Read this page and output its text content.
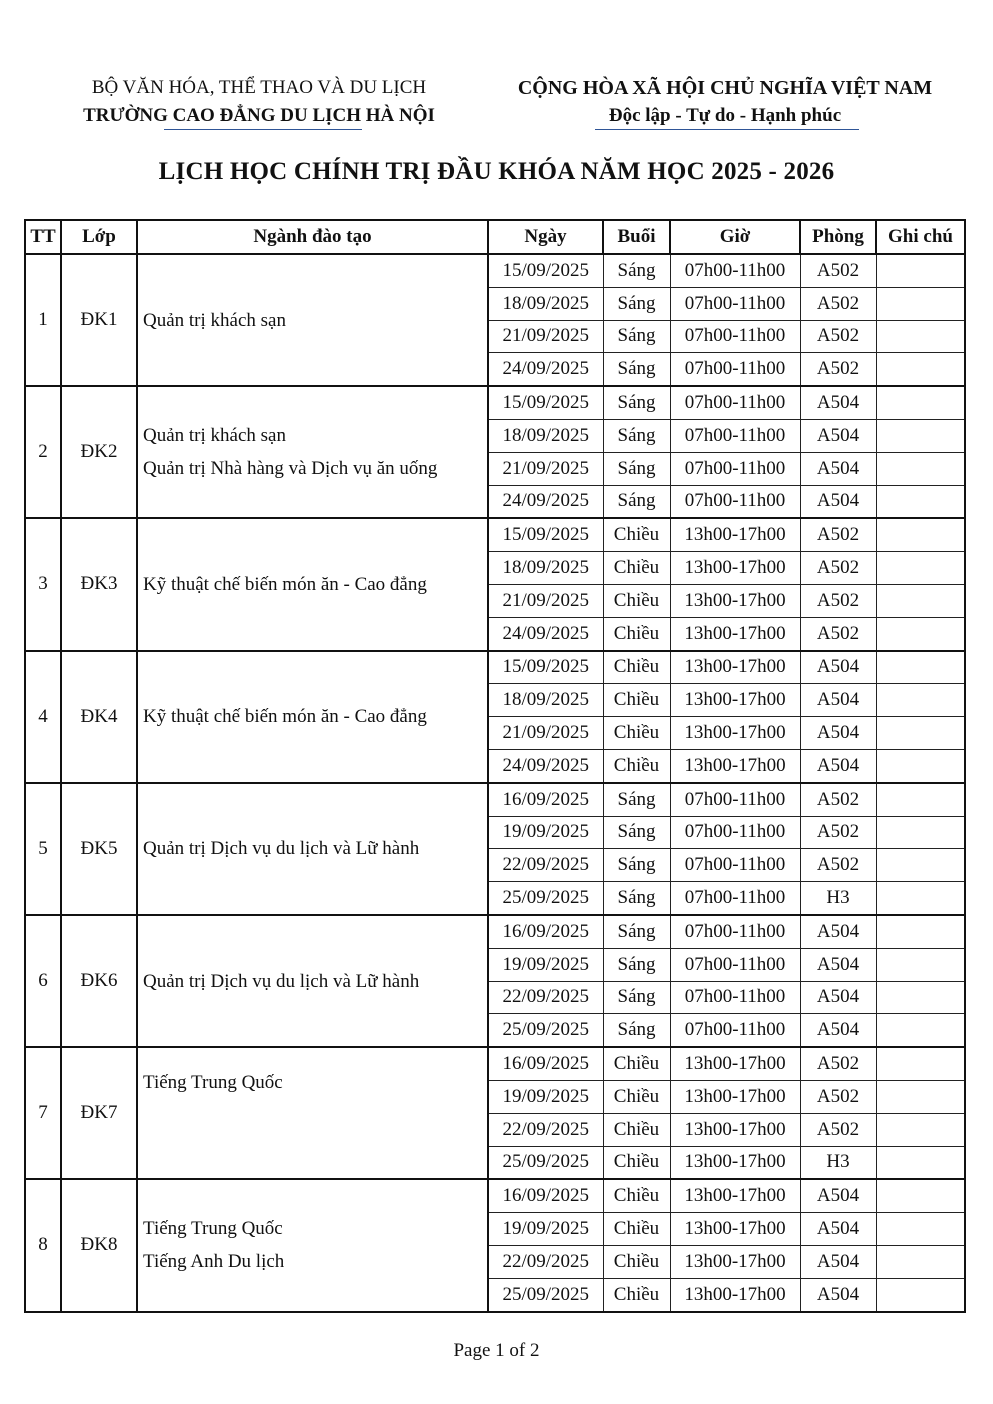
BỘ VĂN HÓA, THỂ THAO VÀ DU LỊCH
TRƯỜNG CAO ĐẲNG DU LỊCH HÀ NỘI
CỘNG HÒA XÃ HỘI CHỦ NGHĨA VIỆT NAM
Độc lập - Tự do - Hạnh phúc
LỊCH HỌC CHÍNH TRỊ ĐẦU KHÓA NĂM HỌC 2025 - 2026
TT	Lớp	Ngành đào tạo	Ngày	Buổi	Giờ	Phòng	Ghi chú
1	ĐK1	Quản trị khách sạn	15/09/2025	Sáng	07h00-11h00	A502	
			18/09/2025	Sáng	07h00-11h00	A502	
			21/09/2025	Sáng	07h00-11h00	A502	
			24/09/2025	Sáng	07h00-11h00	A502	
2	ĐK2	Quản trị khách sạn
Quản trị Nhà hàng và Dịch vụ ăn uống	15/09/2025	Sáng	07h00-11h00	A504	
			18/09/2025	Sáng	07h00-11h00	A504	
			21/09/2025	Sáng	07h00-11h00	A504	
			24/09/2025	Sáng	07h00-11h00	A504	
3	ĐK3	Kỹ thuật chế biến món ăn - Cao đẳng	15/09/2025	Chiều	13h00-17h00	A502	
			18/09/2025	Chiều	13h00-17h00	A502	
			21/09/2025	Chiều	13h00-17h00	A502	
			24/09/2025	Chiều	13h00-17h00	A502	
4	ĐK4	Kỹ thuật chế biến món ăn - Cao đẳng	15/09/2025	Chiều	13h00-17h00	A504	
			18/09/2025	Chiều	13h00-17h00	A504	
			21/09/2025	Chiều	13h00-17h00	A504	
			24/09/2025	Chiều	13h00-17h00	A504	
5	ĐK5	Quản trị Dịch vụ du lịch và Lữ hành	16/09/2025	Sáng	07h00-11h00	A502	
			19/09/2025	Sáng	07h00-11h00	A502	
			22/09/2025	Sáng	07h00-11h00	A502	
			25/09/2025	Sáng	07h00-11h00	H3	
6	ĐK6	Quản trị Dịch vụ du lịch và Lữ hành	16/09/2025	Sáng	07h00-11h00	A504	
			19/09/2025	Sáng	07h00-11h00	A504	
			22/09/2025	Sáng	07h00-11h00	A504	
			25/09/2025	Sáng	07h00-11h00	A504	
7	ĐK7	Tiếng Trung Quốc	16/09/2025	Chiều	13h00-17h00	A502	
			19/09/2025	Chiều	13h00-17h00	A502	
			22/09/2025	Chiều	13h00-17h00	A502	
			25/09/2025	Chiều	13h00-17h00	H3	
8	ĐK8	Tiếng Trung Quốc
Tiếng Anh Du lịch	16/09/2025	Chiều	13h00-17h00	A504	
			19/09/2025	Chiều	13h00-17h00	A504	
			22/09/2025	Chiều	13h00-17h00	A504	
			25/09/2025	Chiều	13h00-17h00	A504	
Page 1 of 2
